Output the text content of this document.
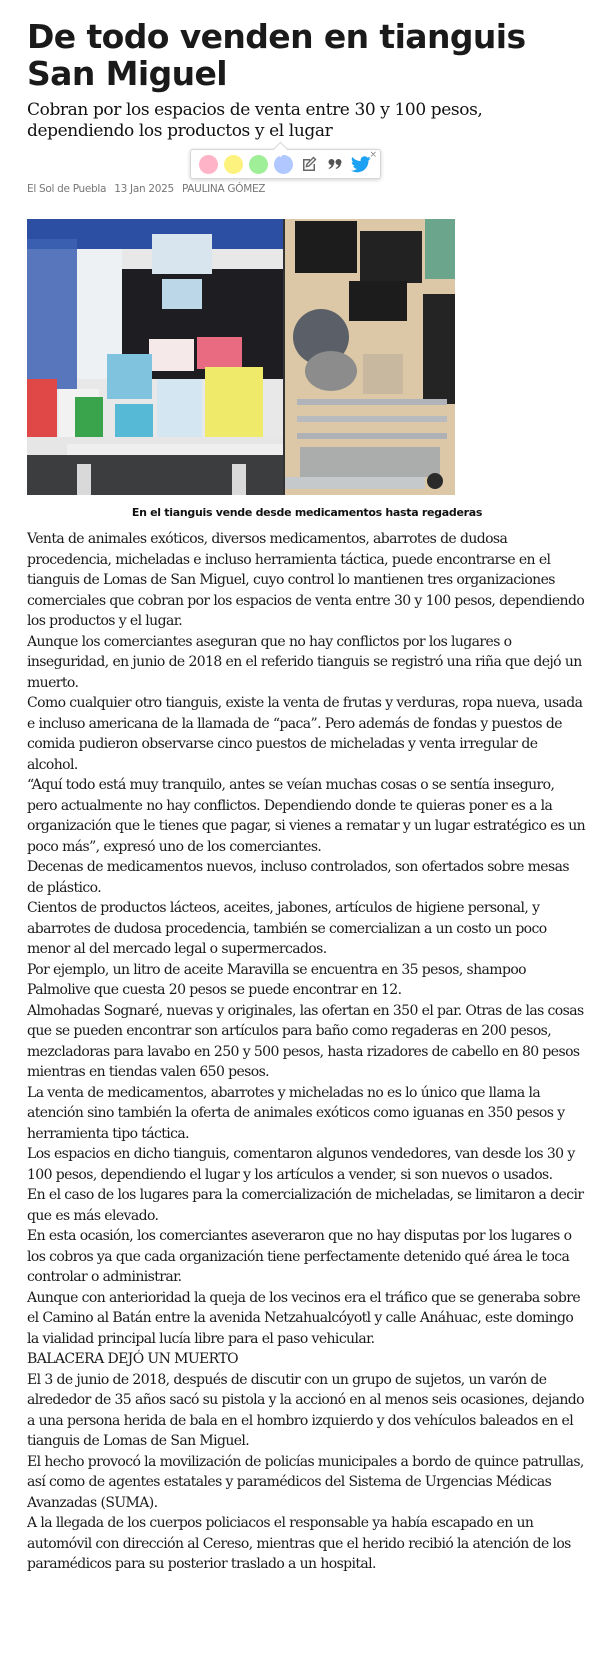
De todo venden en tianguis San Miguel

Cobran por los espacios de venta entre 30 y 100 pesos, dependiendo los productos y el lugar

El Sol de Puebla 13 Jan 2025 PAULINA GÓMEZ
En el tianguis vende desde medicamentos hasta regaderas

Venta de animales exóticos, diversos medicamentos, abarrotes de dudosa procedencia, micheladas e incluso herramienta táctica, puede encontrarse en el tianguis de Lomas de San Miguel, cuyo control lo mantienen tres organizaciones comerciales que cobran por los espacios de venta entre 30 y 100 pesos, dependiendo los productos y el lugar.

Aunque los comerciantes aseguran que no hay conflictos por los lugares o inseguridad, en junio de 2018 en el referido tianguis se registró una riña que dejó un muerto.

Como cualquier otro tianguis, existe la venta de frutas y verduras, ropa nueva, usada e incluso americana de la llamada de “paca”. Pero además de fondas y puestos de comida pudieron observarse cinco puestos de micheladas y venta irregular de alcohol.

“Aquí todo está muy tranquilo, antes se veían muchas cosas o se sentía inseguro, pero actualmente no hay conflictos. Dependiendo donde te quieras poner es a la organización que le tienes que pagar, si vienes a rematar y un lugar estratégico es un poco más”, expresó uno de los comerciantes.

Decenas de medicamentos nuevos, incluso controlados, son ofertados sobre mesas de plástico.

Cientos de productos lácteos, aceites, jabones, artículos de higiene personal, y abarrotes de dudosa procedencia, también se comercializan a un costo un poco menor al del mercado legal o supermercados.

Por ejemplo, un litro de aceite Maravilla se encuentra en 35 pesos, shampoo Palmolive que cuesta 20 pesos se puede encontrar en 12.

Almohadas Sognaré, nuevas y originales, las ofertan en 350 el par. Otras de las cosas que se pueden encontrar son artículos para baño como regaderas en 200 pesos, mezcladoras para lavabo en 250 y 500 pesos, hasta rizadores de cabello en 80 pesos mientras en tiendas valen 650 pesos.

La venta de medicamentos, abarrotes y micheladas no es lo único que llama la atención sino también la oferta de animales exóticos como iguanas en 350 pesos y herramienta tipo táctica.

Los espacios en dicho tianguis, comentaron algunos vendedores, van desde los 30 y 100 pesos, dependiendo el lugar y los artículos a vender, si son nuevos o usados.

En el caso de los lugares para la comercialización de micheladas, se limitaron a decir que es más elevado.

En esta ocasión, los comerciantes aseveraron que no hay disputas por los lugares o los cobros ya que cada organización tiene perfectamente detenido qué área le toca controlar o administrar.

Aunque con anterioridad la queja de los vecinos era el tráfico que se generaba sobre el Camino al Batán entre la avenida Netzahualcóyotl y calle Anáhuac, este domingo la vialidad principal lucía libre para el paso vehicular.

BALACERA DEJÓ UN MUERTO

El 3 de junio de 2018, después de discutir con un grupo de sujetos, un varón de alrededor de 35 años sacó su pistola y la accionó en al menos seis ocasiones, dejando a una persona herida de bala en el hombro izquierdo y dos vehículos baleados en el tianguis de Lomas de San Miguel.

El hecho provocó la movilización de policías municipales a bordo de quince patrullas, así como de agentes estatales y paramédicos del Sistema de Urgencias Médicas Avanzadas (SUMA).

A la llegada de los cuerpos policiacos el responsable ya había escapado en un automóvil con dirección al Cereso, mientras que el herido recibió la atención de los paramédicos para su posterior traslado a un hospital.

×
